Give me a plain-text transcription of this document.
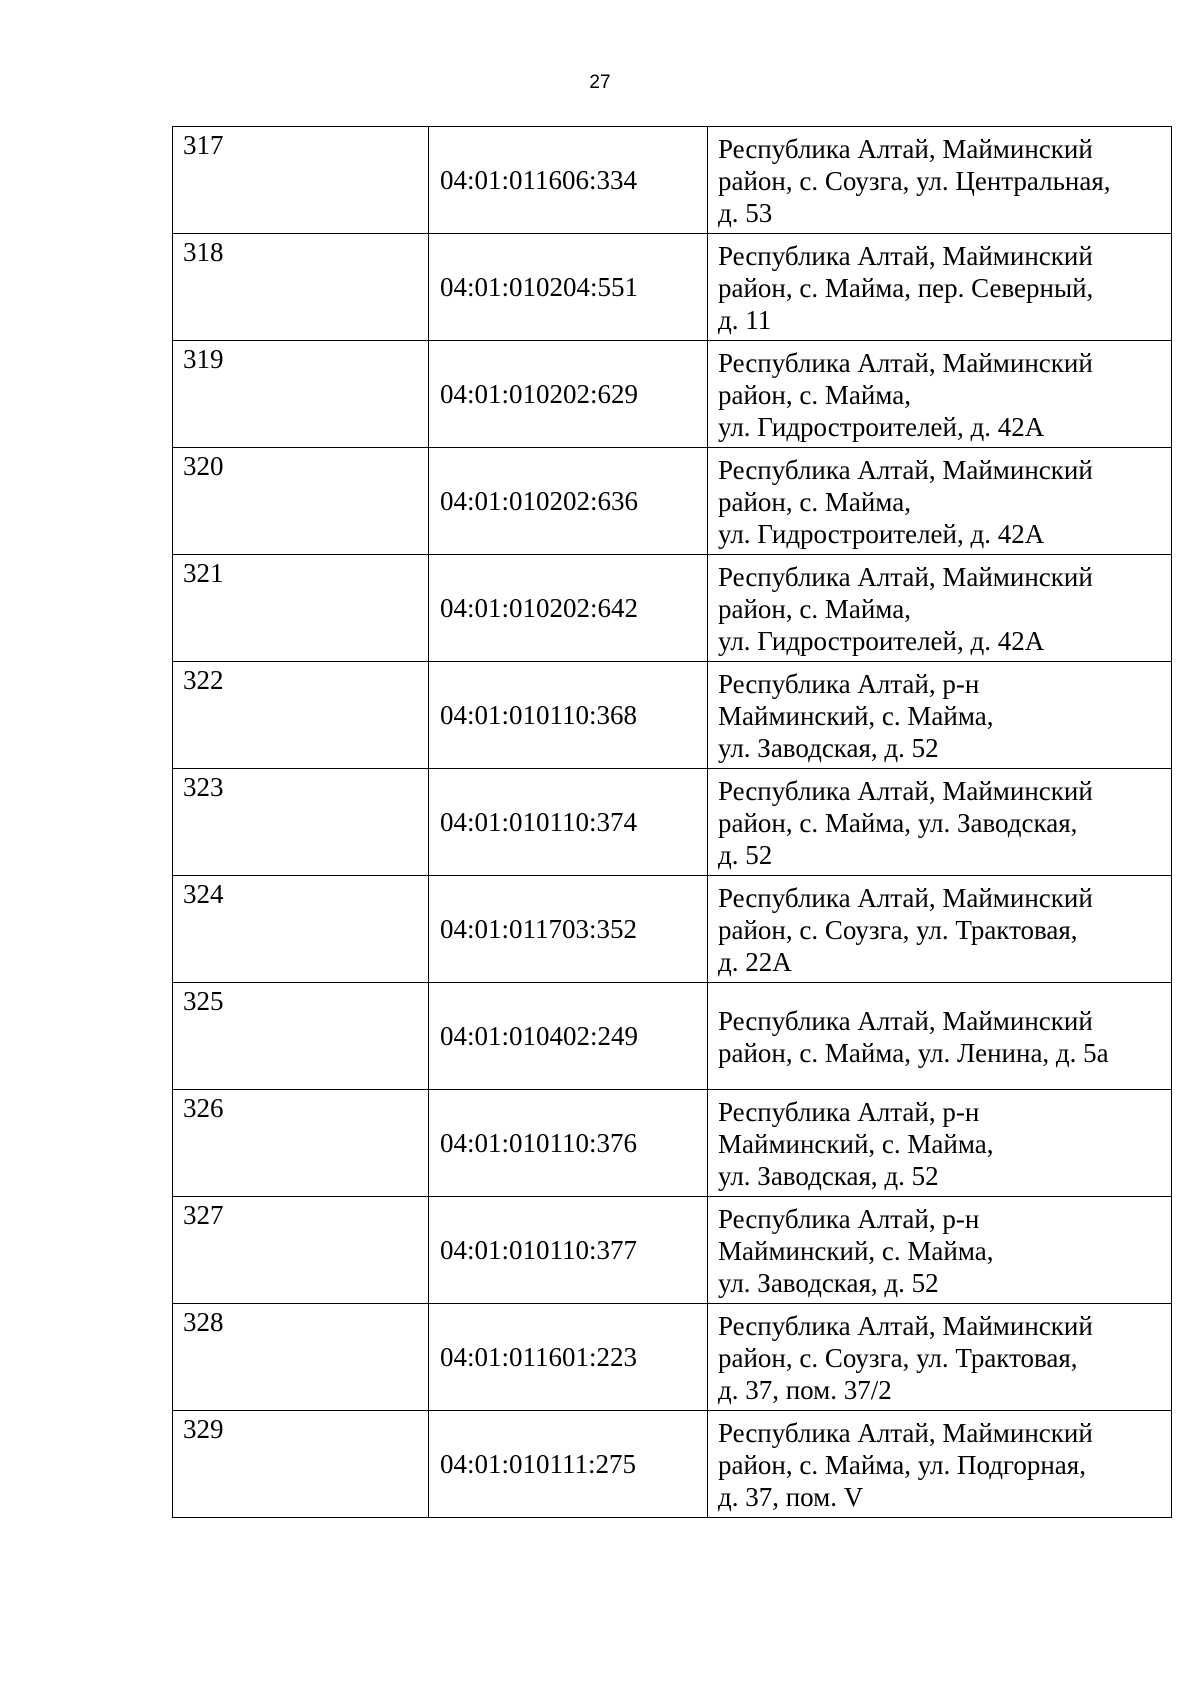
27
317	04:01:011606:334	Республика Алтай, Майминский
район, с. Соузга, ул. Центральная,
д. 53

318	04:01:010204:551	Республика Алтай, Майминский
район, с. Майма, пер. Северный,
д. 11

319	04:01:010202:629	Республика Алтай, Майминский
район, с. Майма,
ул. Гидростроителей, д. 42А

320	04:01:010202:636	Республика Алтай, Майминский
район, с. Майма,
ул. Гидростроителей, д. 42А

321	04:01:010202:642	Республика Алтай, Майминский
район, с. Майма,
ул. Гидростроителей, д. 42А

322	04:01:010110:368	Республика Алтай, р-н
Майминский, с. Майма,
ул. Заводская, д. 52

323	04:01:010110:374	Республика Алтай, Майминский
район, с. Майма, ул. Заводская,
д. 52

324	04:01:011703:352	Республика Алтай, Майминский
район, с. Соузга, ул. Трактовая,
д. 22А

325	04:01:010402:249	Республика Алтай, Майминский
район, с. Майма, ул. Ленина, д. 5а

326	04:01:010110:376	Республика Алтай, р-н
Майминский, с. Майма,
ул. Заводская, д. 52

327	04:01:010110:377	Республика Алтай, р-н
Майминский, с. Майма,
ул. Заводская, д. 52

328	04:01:011601:223	Республика Алтай, Майминский
район, с. Соузга, ул. Трактовая,
д. 37, пом. 37/2

329	04:01:010111:275	Республика Алтай, Майминский
район, с. Майма, ул. Подгорная,
д. 37, пом. V
